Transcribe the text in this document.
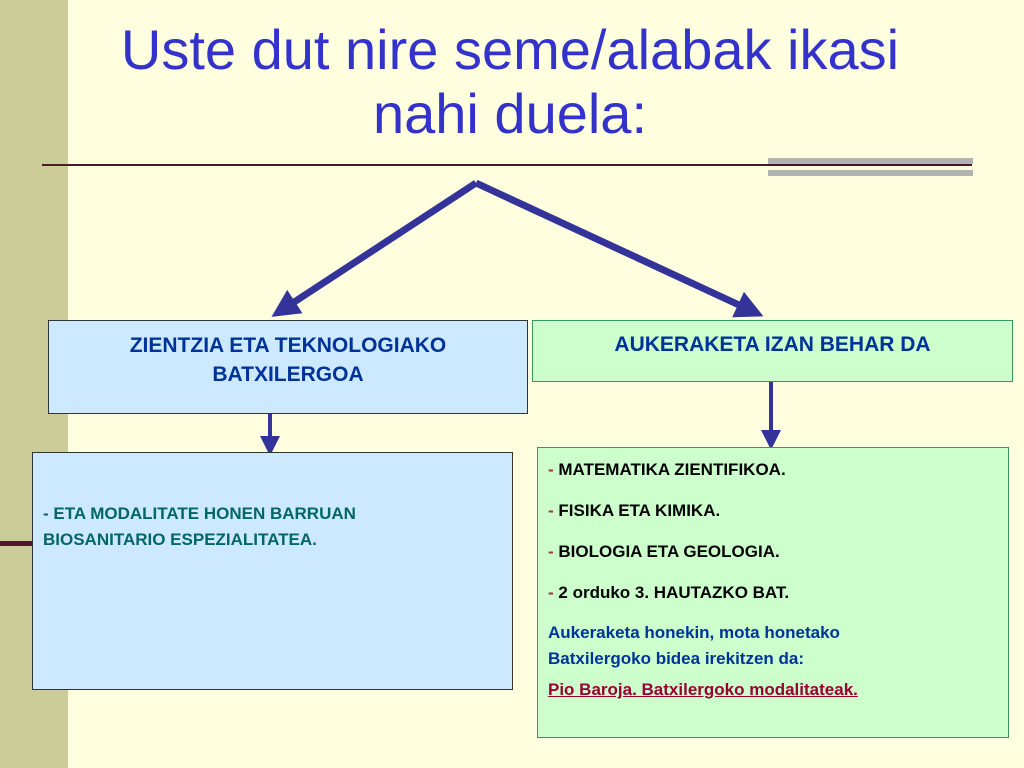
Uste dut nire seme/alabak ikasi
nahi duela:
ZIENTZIA ETA TEKNOLOGIAKO
BATXILERGOA
AUKERAKETA IZAN BEHAR DA
- ETA MODALITATE HONEN BARRUAN
BIOSANITARIO ESPEZIALITATEA.
- MATEMATIKA ZIENTIFIKOA.
- FISIKA ETA KIMIKA.
- BIOLOGIA ETA GEOLOGIA.
- 2 orduko 3. HAUTAZKO BAT.
Aukeraketa honekin, mota honetako
Batxilergoko bidea irekitzen da:
Pio Baroja. Batxilergoko modalitateak.
